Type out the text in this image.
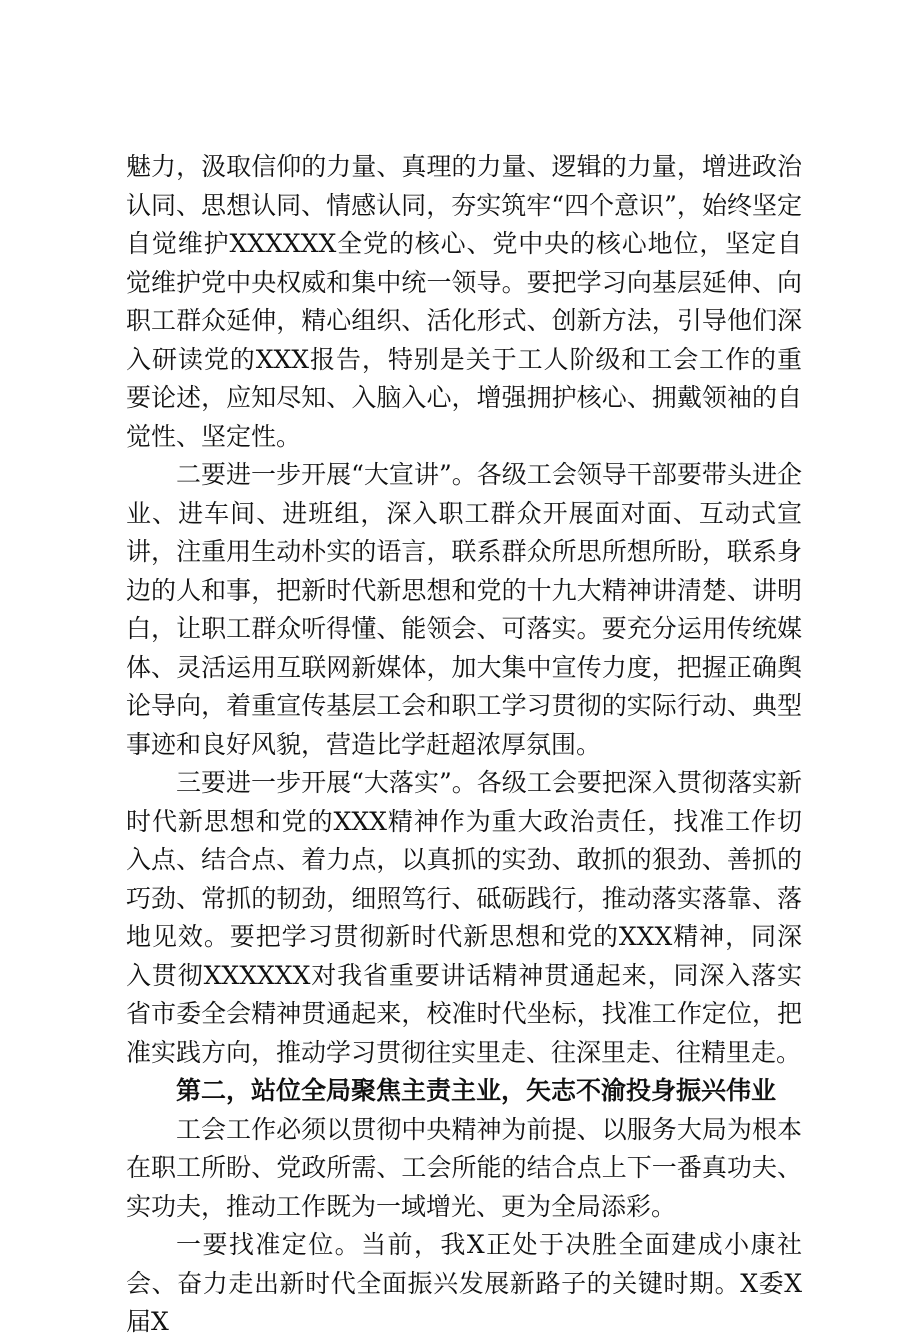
魅力，汲取信仰的力量、真理的力量、逻辑的力量，增进政治认同、思想认同、情感认同，夯实筑牢“四个意识”，始终坚定自觉维护XXXXXX全党的核心、党中央的核心地位，坚定自觉维护党中央权威和集中统一领导。要把学习向基层延伸、向职工群众延伸，精心组织、活化形式、创新方法，引导他们深入研读党的XXX报告，特别是关于工人阶级和工会工作的重要论述，应知尽知、入脑入心，增强拥护核心、拥戴领袖的自觉性、坚定性。

二要进一步开展“大宣讲”。各级工会领导干部要带头进企业、进车间、进班组，深入职工群众开展面对面、互动式宣讲，注重用生动朴实的语言，联系群众所思所想所盼，联系身边的人和事，把新时代新思想和党的十九大精神讲清楚、讲明白，让职工群众听得懂、能领会、可落实。要充分运用传统媒体、灵活运用互联网新媒体，加大集中宣传力度，把握正确舆论导向，着重宣传基层工会和职工学习贯彻的实际行动、典型事迹和良好风貌，营造比学赶超浓厚氛围。

三要进一步开展“大落实”。各级工会要把深入贯彻落实新时代新思想和党的XXX精神作为重大政治责任，找准工作切入点、结合点、着力点，以真抓的实劲、敢抓的狠劲、善抓的巧劲、常抓的韧劲，细照笃行、砥砺践行，推动落实落靠、落地见效。要把学习贯彻新时代新思想和党的XXX精神，同深入贯彻XXXXXX对我省重要讲话精神贯通起来，同深入落实省市委全会精神贯通起来，校准时代坐标，找准工作定位，把准实践方向，推动学习贯彻往实里走、往深里走、往精里走。

第二，站位全局聚焦主责主业，矢志不渝投身振兴伟业

工会工作必须以贯彻中央精神为前提、以服务大局为根本在职工所盼、党政所需、工会所能的结合点上下一番真功夫、实功夫，推动工作既为一域增光、更为全局添彩。

一要找准定位。当前，我X正处于决胜全面建成小康社会、奋力走出新时代全面振兴发展新路子的关键时期。X委X届X
